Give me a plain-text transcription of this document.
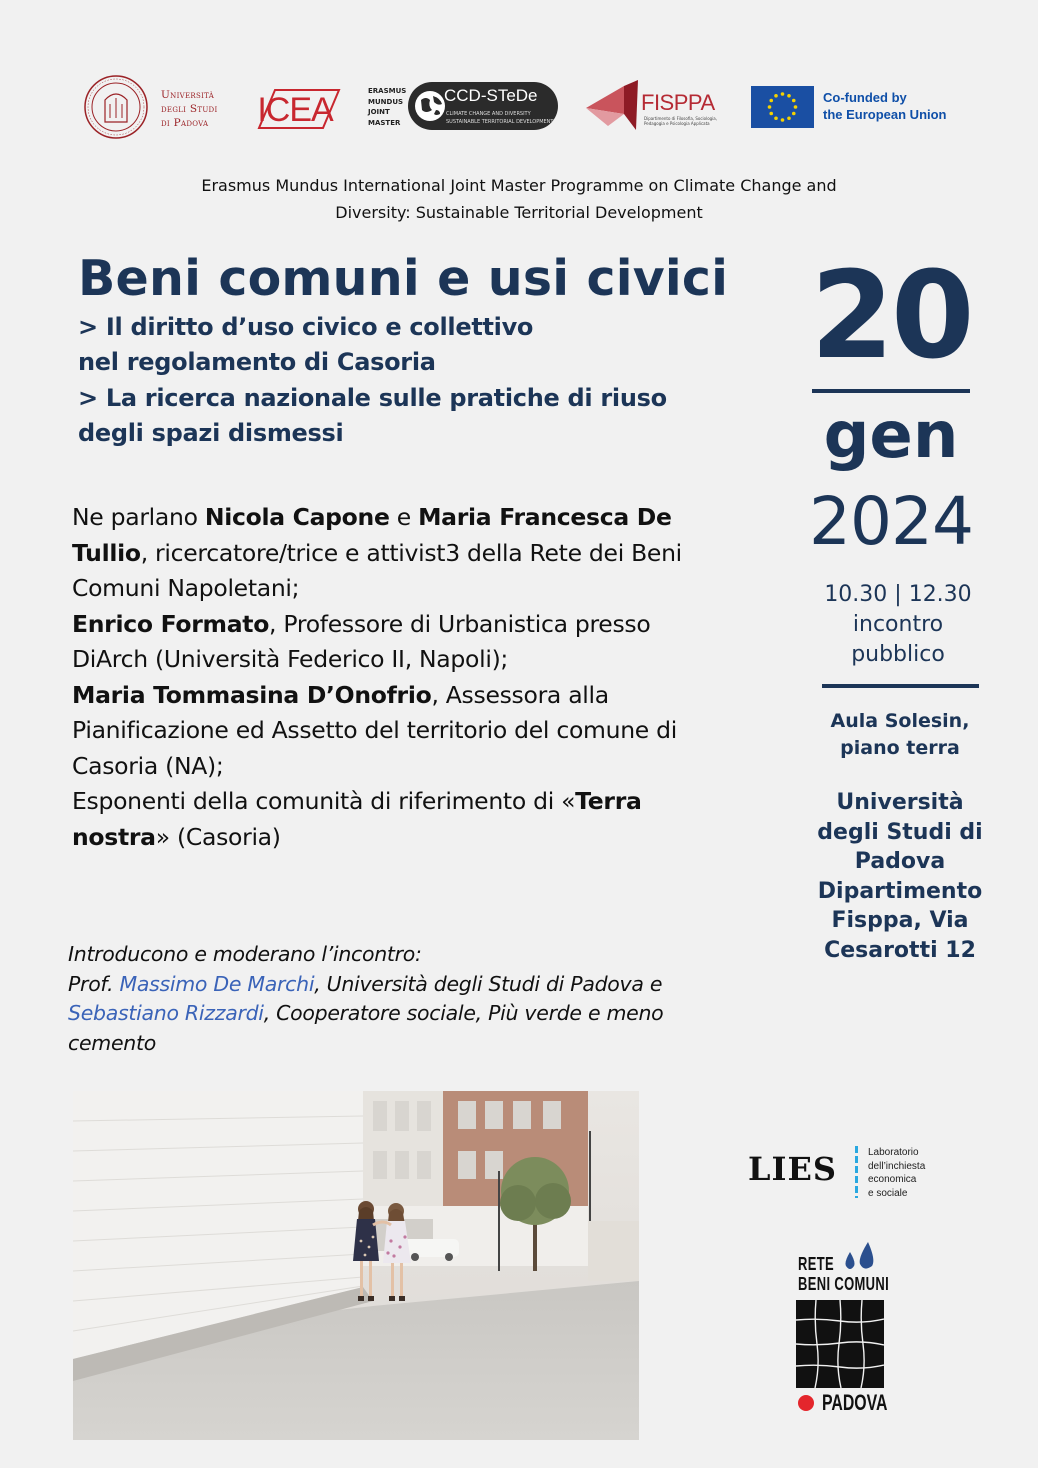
Università
degli Studi
di Padova	ICEA	ERASMUS
MUNDUS
JOINT
MASTER
CCD-STeDe
CLIMATE CHANGE AND DIVERSITY
SUSTAINABLE TERRITORIAL DEVELOPMENT
FISPPA
Dipartimento di Filosofia, Sociologia, Pedagogia e Psicologia Applicata
Co-funded by
the European Union
Erasmus Mundus International Joint Master Programme on Climate Change and
Diversity: Sustainable Territorial Development
Beni comuni e usi civici
> Il diritto d’uso civico e collettivo
nel regolamento di Casoria
> La ricerca nazionale sulle pratiche di riuso
degli spazi dismessi
Ne parlano Nicola Capone e Maria Francesca De Tullio, ricercatore/trice e attivist3 della Rete dei Beni Comuni Napoletani;
Enrico Formato, Professore di Urbanistica presso DiArch (Università Federico II, Napoli);
Maria Tommasina D’Onofrio, Assessora alla Pianificazione ed Assetto del territorio del comune di Casoria (NA);
Esponenti della comunità di riferimento di «Terra nostra» (Casoria)
Introducono e moderano l’incontro:
Prof. Massimo De Marchi, Università degli Studi di Padova e Sebastiano Rizzardi, Cooperatore sociale, Più verde e meno cemento
20
gen
2024
10.30 | 12.30
incontro
pubblico
Aula Solesin,
piano terra
Università
degli Studi di
Padova
Dipartimento
Fisppa, Via
Cesarotti 12
LIES	Laboratorio
dell’inchiesta
economica
e sociale
RETE
BENI COMUNI
PADOVA
